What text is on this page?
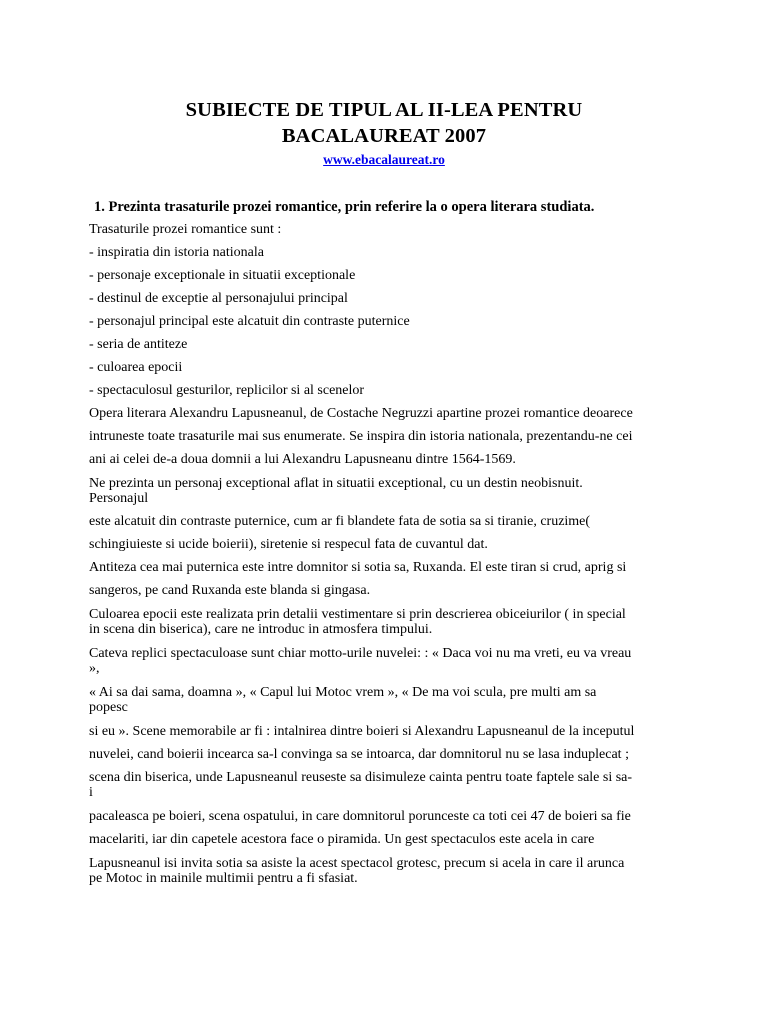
SUBIECTE DE TIPUL AL II-LEA PENTRU
BACALAUREAT 2007
www.ebacalaureat.ro
1. Prezinta trasaturile prozei romantice, prin referire la o opera literara studiata.
Trasaturile prozei romantice sunt :
- inspiratia din istoria nationala
- personaje exceptionale in situatii exceptionale
- destinul de exceptie al personajului principal
- personajul principal este alcatuit din contraste puternice
- seria de antiteze
- culoarea epocii
- spectaculosul gesturilor, replicilor si al scenelor
Opera literara Alexandru Lapusneanul, de Costache Negruzzi apartine prozei romantice deoarece
intruneste toate trasaturile mai sus enumerate. Se inspira din istoria nationala, prezentandu-ne cei
ani ai celei de-a doua domnii a lui Alexandru Lapusneanu dintre 1564-1569.
Ne prezinta un personaj exceptional aflat in situatii exceptional, cu un destin neobisnuit.
Personajul
este alcatuit din contraste puternice, cum ar fi blandete fata de sotia sa si tiranie, cruzime(
schingiuieste si ucide boierii), siretenie si respecul fata de cuvantul dat.
Antiteza cea mai puternica este intre domnitor si sotia sa, Ruxanda. El este tiran si crud, aprig si
sangeros, pe cand Ruxanda este blanda si gingasa.
Culoarea epocii este realizata prin detalii vestimentare si prin descrierea obiceiurilor ( in special
in scena din biserica), care ne introduc in atmosfera timpului.
Cateva replici spectaculoase sunt chiar motto-urile nuvelei: : « Daca voi nu ma vreti, eu va vreau
»,
« Ai sa dai sama, doamna », « Capul lui Motoc vrem », « De ma voi scula, pre multi am sa
popesc
si eu ». Scene memorabile ar fi : intalnirea dintre boieri si Alexandru Lapusneanul de la inceputul
nuvelei, cand boierii incearca sa-l convinga sa se intoarca, dar domnitorul nu se lasa induplecat ;
scena din biserica, unde Lapusneanul reuseste sa disimuleze cainta pentru toate faptele sale si sa-
i
pacaleasca pe boieri, scena ospatului, in care domnitorul porunceste ca toti cei 47 de boieri sa fie
macelariti, iar din capetele acestora face o piramida. Un gest spectaculos este acela in care
Lapusneanul isi invita sotia sa asiste la acest spectacol grotesc, precum si acela in care il arunca
pe Motoc in mainile multimii pentru a fi sfasiat.
